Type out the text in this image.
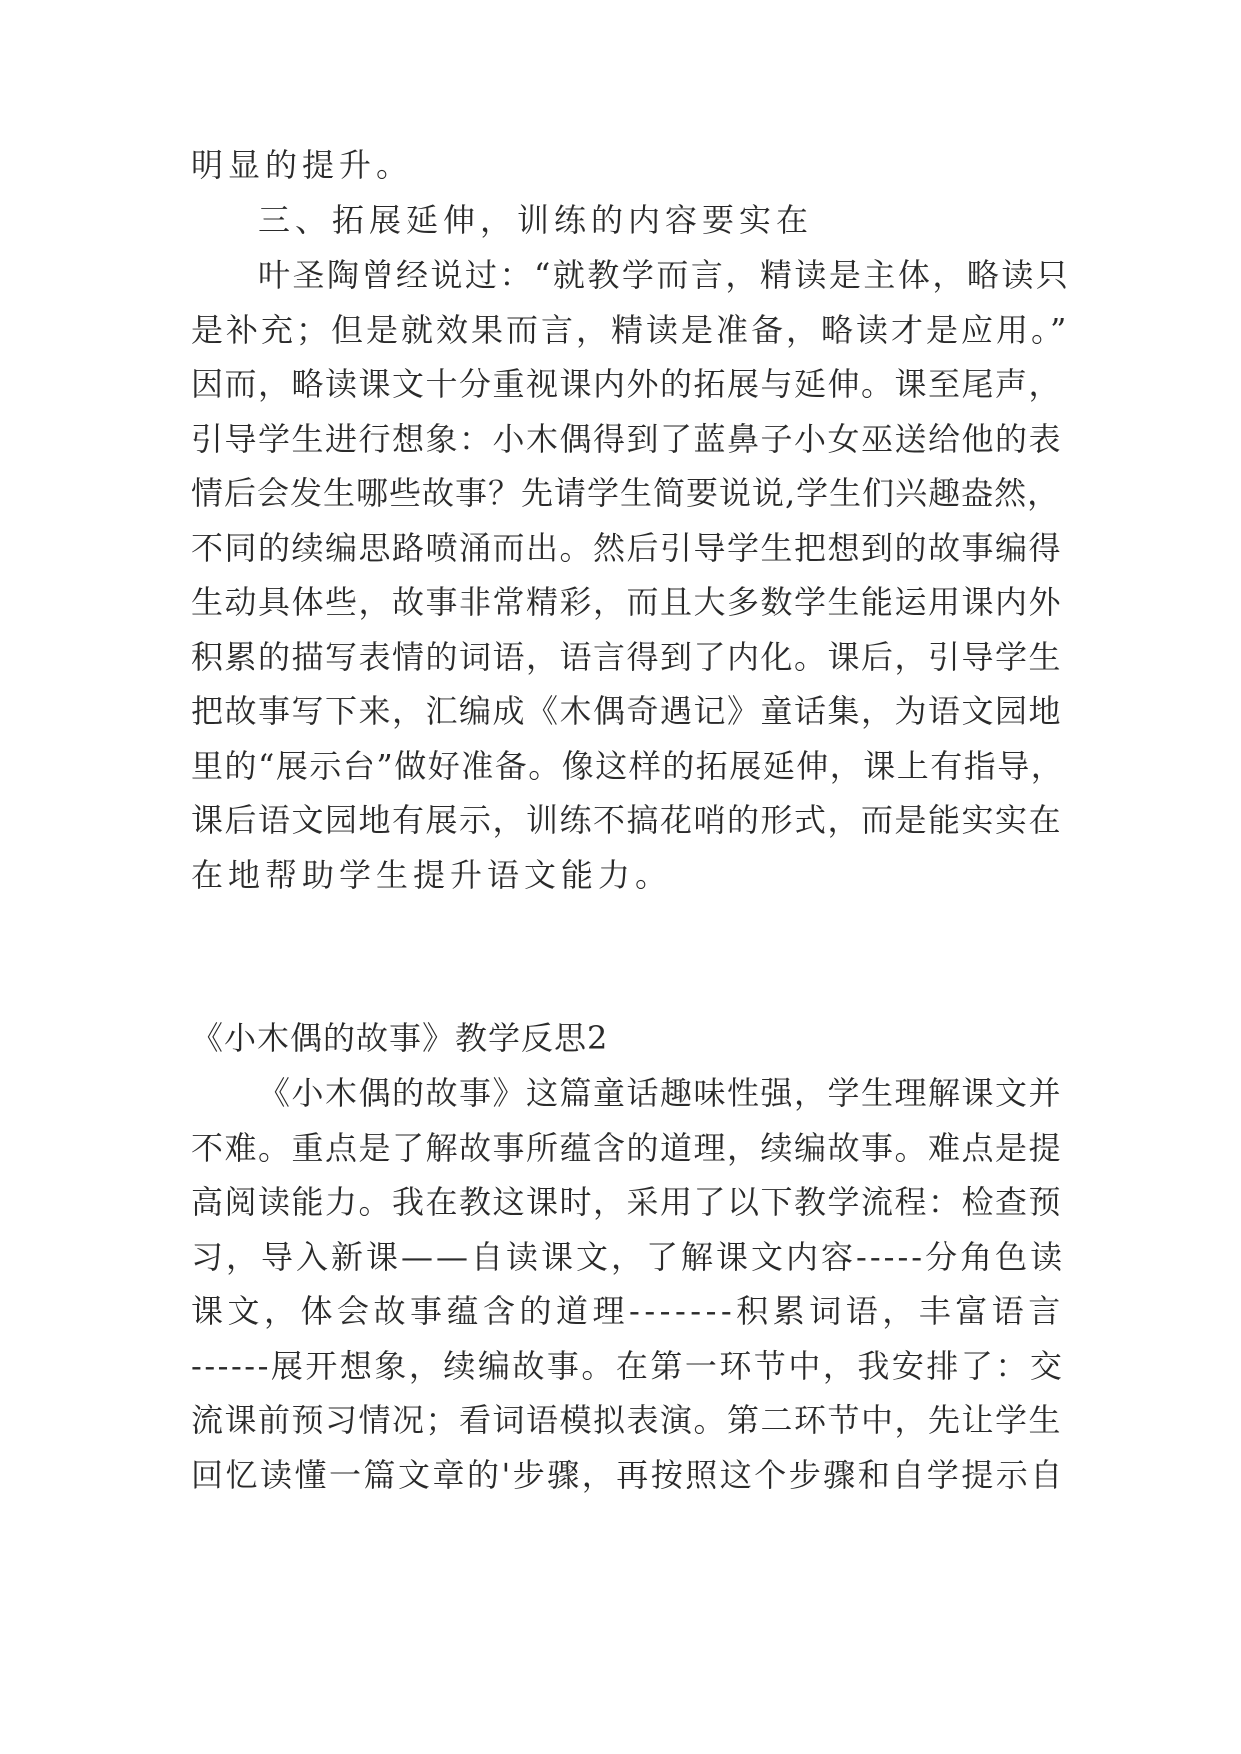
明显的提升。
三、拓展延伸，训练的内容要实在
叶圣陶曾经说过：“就教学而言，精读是主体，略读只
是补充；但是就效果而言，精读是准备，略读才是应用。”
因而，略读课文十分重视课内外的拓展与延伸。课至尾声，
引导学生进行想象：小木偶得到了蓝鼻子小女巫送给他的表
情后会发生哪些故事？先请学生简要说说,学生们兴趣盎然，
不同的续编思路喷涌而出。然后引导学生把想到的故事编得
生动具体些，故事非常精彩，而且大多数学生能运用课内外
积累的描写表情的词语，语言得到了内化。课后，引导学生
把故事写下来，汇编成《木偶奇遇记》童话集，为语文园地
里的“展示台”做好准备。像这样的拓展延伸，课上有指导，
课后语文园地有展示，训练不搞花哨的形式，而是能实实在
在地帮助学生提升语文能力。
《小木偶的故事》教学反思2
《小木偶的故事》这篇童话趣味性强，学生理解课文并
不难。重点是了解故事所蕴含的道理，续编故事。难点是提
高阅读能力。我在教这课时，采用了以下教学流程：检查预
习，导入新课——自读课文，了解课文内容-----分角色读
课文，体会故事蕴含的道理-------积累词语，丰富语言
------展开想象，续编故事。在第一环节中，我安排了：交
流课前预习情况；看词语模拟表演。第二环节中，先让学生
回忆读懂一篇文章的'步骤，再按照这个步骤和自学提示自
